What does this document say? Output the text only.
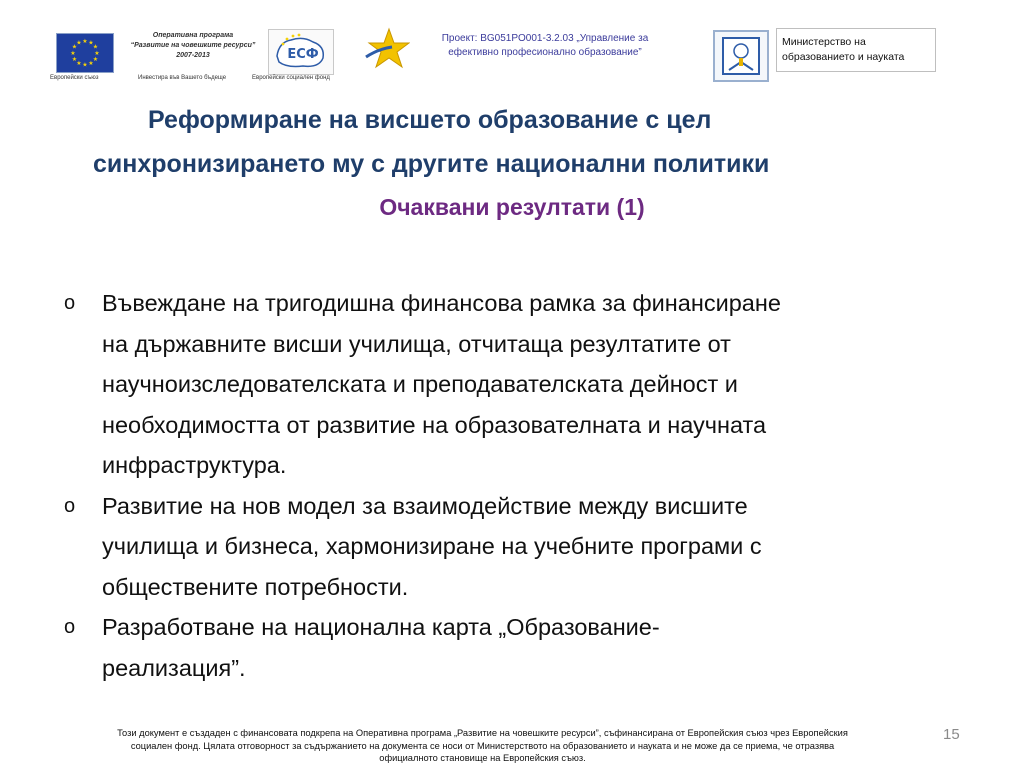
★ ★
★
★
★
★
★
★
★
★
★
★
Европейски съюз
Оперативна програма
“Развитие на човешките ресурси”
2007-2013
Инвестира във Вашето бъдеще
ЕСФ
Европейски социален фонд
Проект: BG051PO001-3.2.03 „Управление за
ефективно професионално образование”
Министерство на
образованието и науката
Реформиране на висшето образование с цел
синхронизирането му с другите национални политики
Очаквани резултати (1)
o Въвеждане на тригодишна финансова рамка за финансиране
на държавните висши училища, отчитаща резултатите от
научноизследователската и преподавателската дейност и
необходимостта от развитие на образователната и научната
инфраструктура.
o Развитие на нов модел за взаимодействие между висшите
училища и бизнеса, хармонизиране на учебните програми с
обществените потребности.
o Разработване на национална карта „Образование-
реализация”.
Този документ е създаден с финансовата подкрепа на Оперативна програма „Развитие на човешките ресурси”, съфинансирана от Европейския съюз чрез Европейския
социален фонд. Цялата отговорност за съдържанието на документа се носи от Министерството на образованието и науката и не може да се приема, че отразява
официалното становище на Европейския съюз.
15
